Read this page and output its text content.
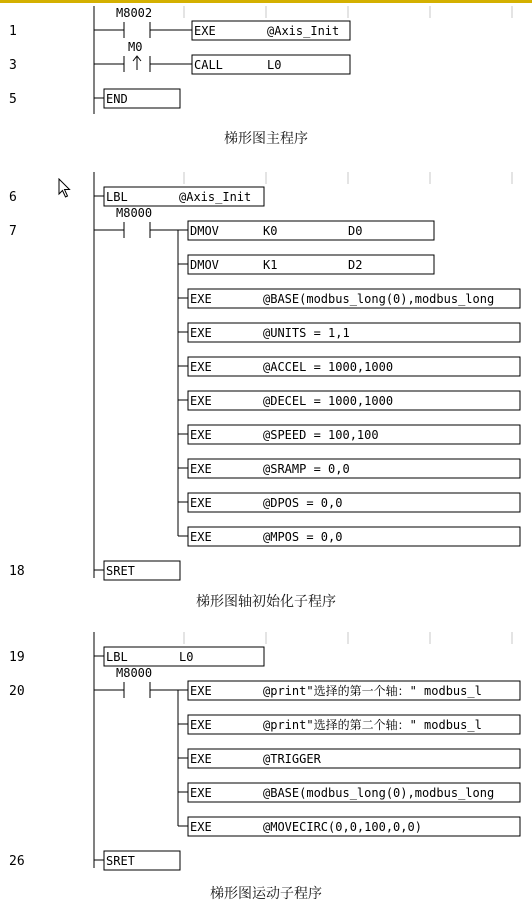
1
M8002
EXE	@Axis_Init
3
M0
CALL	L0
5	END
6	LBL	@Axis_Init
7
M8000
DMOV	K0	D0
DMOV	K1	D2
EXE	@BASE(modbus_long(0),modbus_long
EXE	@UNITS = 1,1
EXE	@ACCEL = 1000,1000
EXE	@DECEL = 1000,1000
EXE	@SPEED = 100,100
EXE	@SRAMP = 0,0
EXE	@DPOS = 0,0
EXE	@MPOS = 0,0
18	SRET
19	LBL	L0
20
M8000
EXE	@print"选择的第一个轴：" modbus_l
EXE	@print"选择的第二个轴：" modbus_l
EXE	@TRIGGER
EXE	@BASE(modbus_long(0),modbus_long
EXE	@MOVECIRC(0,0,100,0,0)
26	SRET
梯形图主程序
梯形图轴初始化子程序
梯形图运动子程序
